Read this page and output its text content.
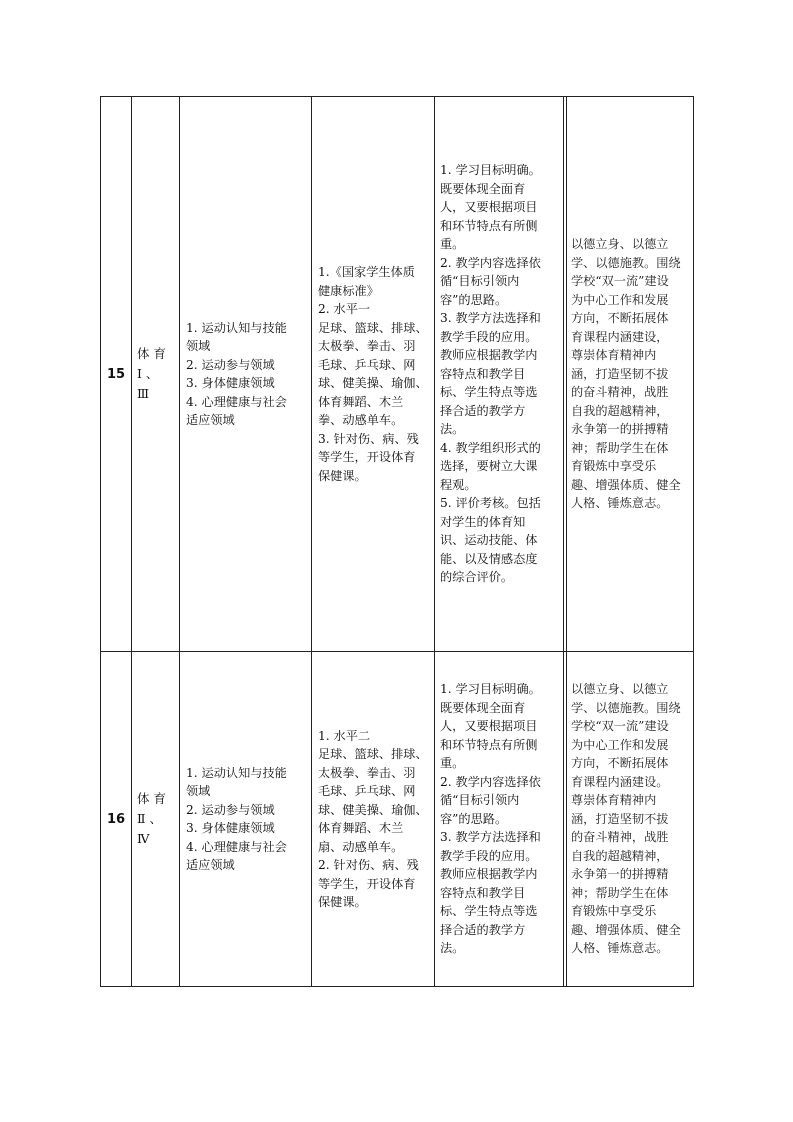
15
体 育
Ⅰ 、
Ⅲ
1. 运动认知与技能
领域
2. 运动参与领域
3. 身体健康领域
4. 心理健康与社会
适应领域
1.《国家学生体质
健康标准》
2. 水平一
足球、篮球、排球、
太极拳、拳击、羽
毛球、乒乓球、网
球、健美操、瑜伽、
体育舞蹈、木兰
拳、动感单车。
3. 针对伤、病、残
等学生，开设体育
保健课。
1. 学习目标明确。
既要体现全面育
人，又要根据项目
和环节特点有所侧
重。
2. 教学内容选择依
循“目标引领内
容”的思路。
3. 教学方法选择和
教学手段的应用。
教师应根据教学内
容特点和教学目
标、学生特点等选
择合适的教学方
法。
4. 教学组织形式的
选择，要树立大课
程观。
5. 评价考核。包括
对学生的体育知
识、运动技能、体
能、以及情感态度
的综合评价。
以德立身、以德立
学、以德施教。围绕
学校“双一流”建设
为中心工作和发展
方向，不断拓展体
育课程内涵建设，
尊崇体育精神内
涵，打造坚韧不拔
的奋斗精神，战胜
自我的超越精神，
永争第一的拼搏精
神；帮助学生在体
育锻炼中享受乐
趣、增强体质、健全
人格、锤炼意志。
16
体 育
Ⅱ 、
Ⅳ
1. 运动认知与技能
领域
2. 运动参与领域
3. 身体健康领域
4. 心理健康与社会
适应领域
1. 水平二
足球、篮球、排球、
太极拳、拳击、羽
毛球、乒乓球、网
球、健美操、瑜伽、
体育舞蹈、木兰
扇、动感单车。
2. 针对伤、病、残
等学生，开设体育
保健课。
1. 学习目标明确。
既要体现全面育
人，又要根据项目
和环节特点有所侧
重。
2. 教学内容选择依
循“目标引领内
容”的思路。
3. 教学方法选择和
教学手段的应用。
教师应根据教学内
容特点和教学目
标、学生特点等选
择合适的教学方
法。
以德立身、以德立
学、以德施教。围绕
学校“双一流”建设
为中心工作和发展
方向，不断拓展体
育课程内涵建设。
尊崇体育精神内
涵，打造坚韧不拔
的奋斗精神，战胜
自我的超越精神，
永争第一的拼搏精
神；帮助学生在体
育锻炼中享受乐
趣、增强体质、健全
人格、锤炼意志。
